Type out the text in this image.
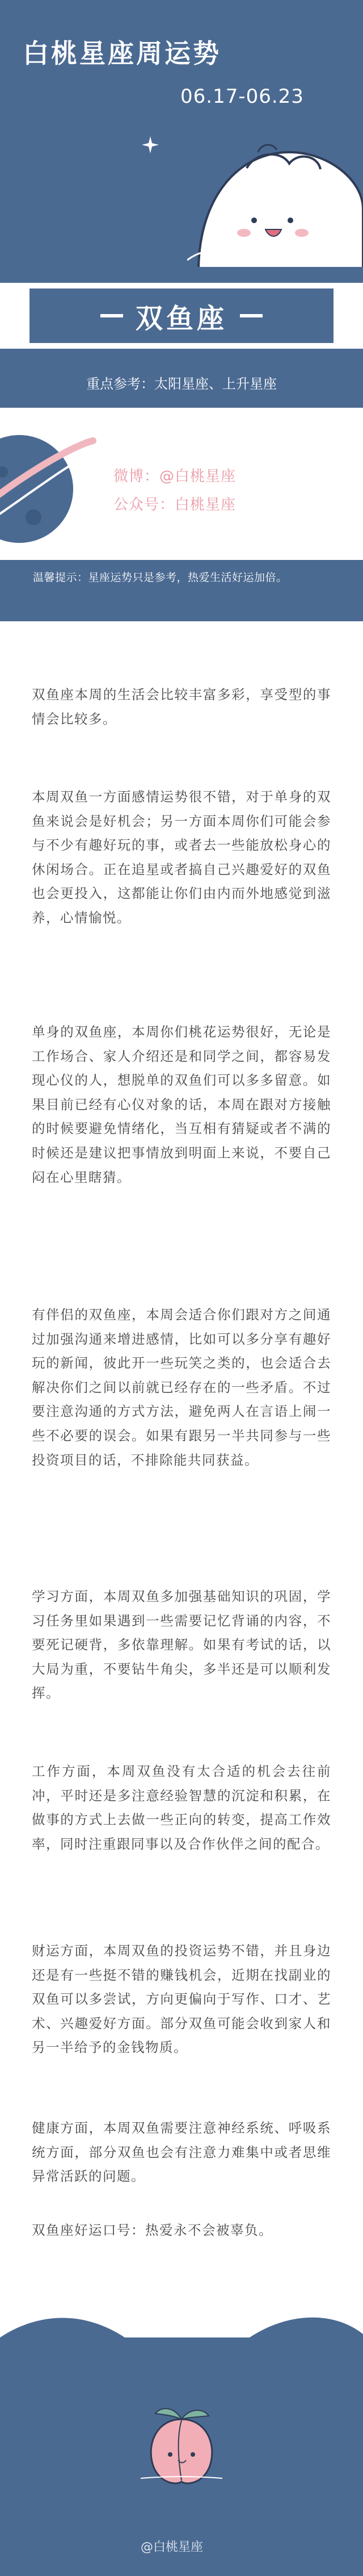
白桃星座周运势
06.17-06.23
双鱼座
重点参考：太阳星座、上升星座
微博：@白桃星座
公众号：白桃星座
温馨提示：星座运势只是参考，热爱生活好运加倍。

双鱼座本周的生活会比较丰富多彩，享受型的事情会比较多。

本周双鱼一方面感情运势很不错，对于单身的双鱼来说会是好机会；另一方面本周你们可能会参与不少有趣好玩的事，或者去一些能放松身心的休闲场合。正在追星或者搞自己兴趣爱好的双鱼也会更投入，这都能让你们由内而外地感觉到滋养，心情愉悦。

单身的双鱼座，本周你们桃花运势很好，无论是工作场合、家人介绍还是和同学之间，都容易发现心仪的人，想脱单的双鱼们可以多多留意。如果目前已经有心仪对象的话，本周在跟对方接触的时候要避免情绪化，当互相有猜疑或者不满的时候还是建议把事情放到明面上来说，不要自己闷在心里瞎猜。

有伴侣的双鱼座，本周会适合你们跟对方之间通过加强沟通来增进感情，比如可以多分享有趣好玩的新闻，彼此开一些玩笑之类的，也会适合去解决你们之间以前就已经存在的一些矛盾。不过要注意沟通的方式方法，避免两人在言语上闹一些不必要的误会。如果有跟另一半共同参与一些投资项目的话，不排除能共同获益。

学习方面，本周双鱼多加强基础知识的巩固，学习任务里如果遇到一些需要记忆背诵的内容，不要死记硬背，多依靠理解。如果有考试的话，以大局为重，不要钻牛角尖，多半还是可以顺利发挥。

工作方面，本周双鱼没有太合适的机会去往前冲，平时还是多注意经验智慧的沉淀和积累，在做事的方式上去做一些正向的转变，提高工作效率，同时注重跟同事以及合作伙伴之间的配合。

财运方面，本周双鱼的投资运势不错，并且身边还是有一些挺不错的赚钱机会，近期在找副业的双鱼可以多尝试，方向更偏向于写作、口才、艺术、兴趣爱好方面。部分双鱼可能会收到家人和另一半给予的金钱物质。

健康方面，本周双鱼需要注意神经系统、呼吸系统方面，部分双鱼也会有注意力难集中或者思维异常活跃的问题。

双鱼座好运口号：热爱永不会被辜负。

@白桃星座
